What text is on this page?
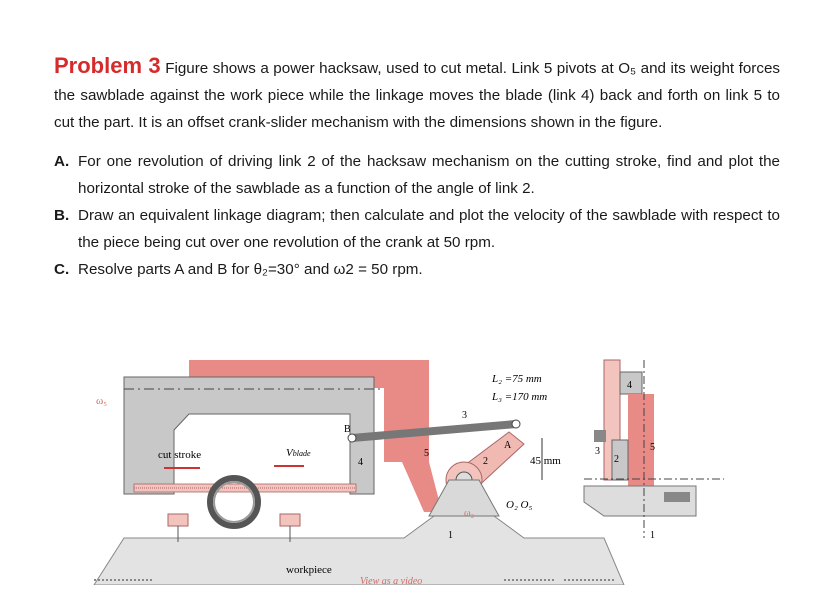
Problem 3 Figure shows a power hacksaw, used to cut metal. Link 5 pivots at O₅ and its weight forces the sawblade against the work piece while the linkage moves the blade (link 4) back and forth on link 5 to cut the part. It is an offset crank-slider mechanism with the dimensions shown in the figure.

A. For one revolution of driving link 2 of the hacksaw mechanism on the cutting stroke, find and plot the horizontal stroke of the sawblade as a function of the angle of link 2.
B. Draw an equivalent linkage diagram; then calculate and plot the velocity of the sawblade with respect to the piece being cut over one revolution of the crank at 50 rpm.
C. Resolve parts A and B for θ₂=30° and ω2 = 50 rpm.
ω₅
B
3
cut stroke	Vblade
4
5
2
A
1
ω₂
O₂ O₅
L₂ =75 mm
L₃ =170 mm
45 mm
workpiece
View as a video
4
5
3
2
1
